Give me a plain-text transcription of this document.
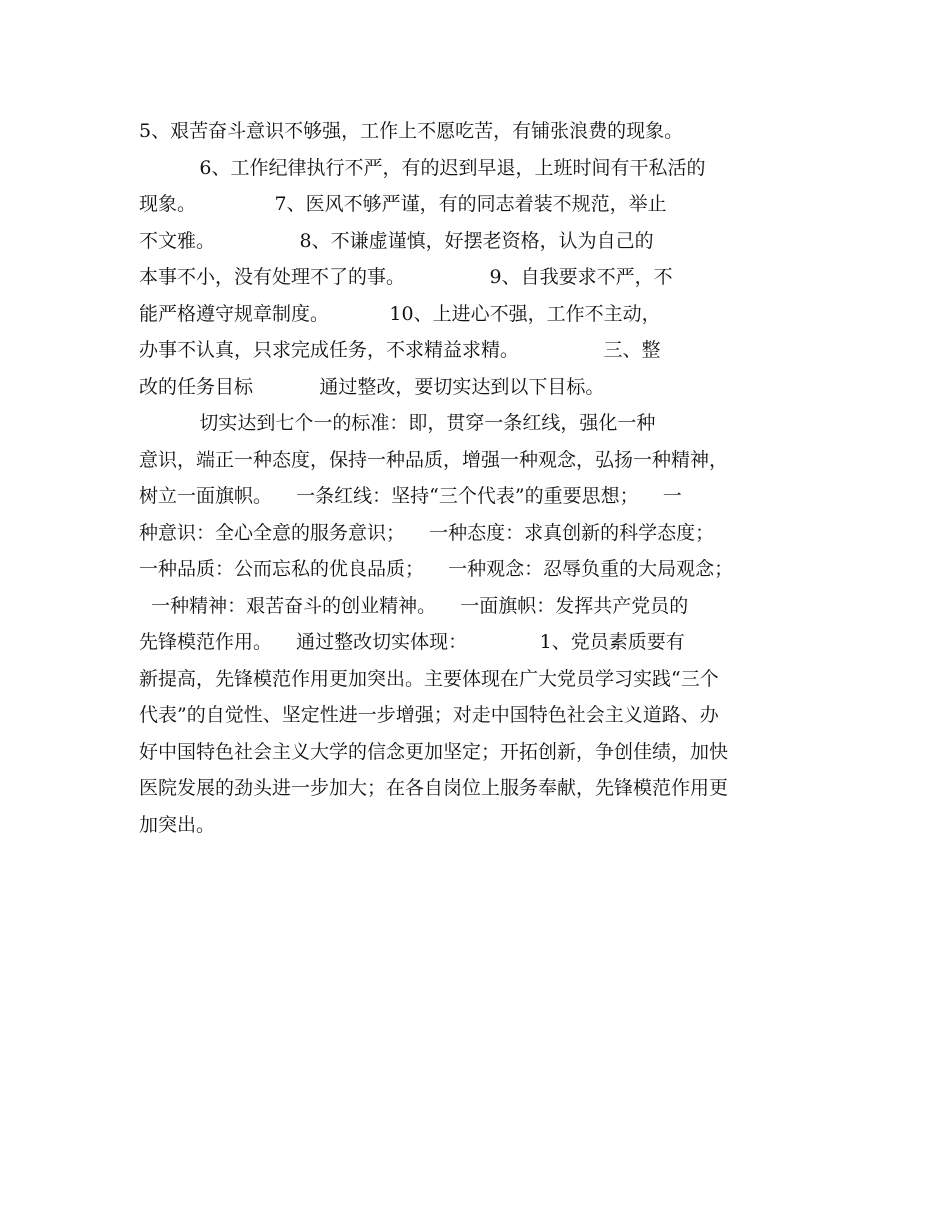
5、艰苦奋斗意识不够强，工作上不愿吃苦，有铺张浪费的现象。
6、工作纪律执行不严，有的迟到早退，上班时间有干私活的
现象。             7、医风不够严谨，有的同志着装不规范，举止
不文雅。              8、不谦虚谨慎，好摆老资格，认为自己的
本事不小，没有处理不了的事。              9、自我要求不严，不
能严格遵守规章制度。          10、上进心不强，工作不主动，
办事不认真，只求完成任务，不求精益求精。              三、整
改的任务目标           通过整改，要切实达到以下目标。
切实达到七个一的标准：即，贯穿一条红线，强化一种
意识，端正一种态度，保持一种品质，增强一种观念，弘扬一种精神，
树立一面旗帜。    一条红线：坚持“三个代表”的重要思想；    一
种意识：全心全意的服务意识；    一种态度：求真创新的科学态度；
一种品质：公而忘私的优良品质；    一种观念：忍辱负重的大局观念；
一种精神：艰苦奋斗的创业精神。    一面旗帜：发挥共产党员的
先锋模范作用。    通过整改切实体现：            1、党员素质要有
新提高，先锋模范作用更加突出。主要体现在广大党员学习实践“三个
代表”的自觉性、坚定性进一步增强；对走中国特色社会主义道路、办
好中国特色社会主义大学的信念更加坚定；开拓创新，争创佳绩，加快
医院发展的劲头进一步加大；在各自岗位上服务奉献，先锋模范作用更
加突出。
